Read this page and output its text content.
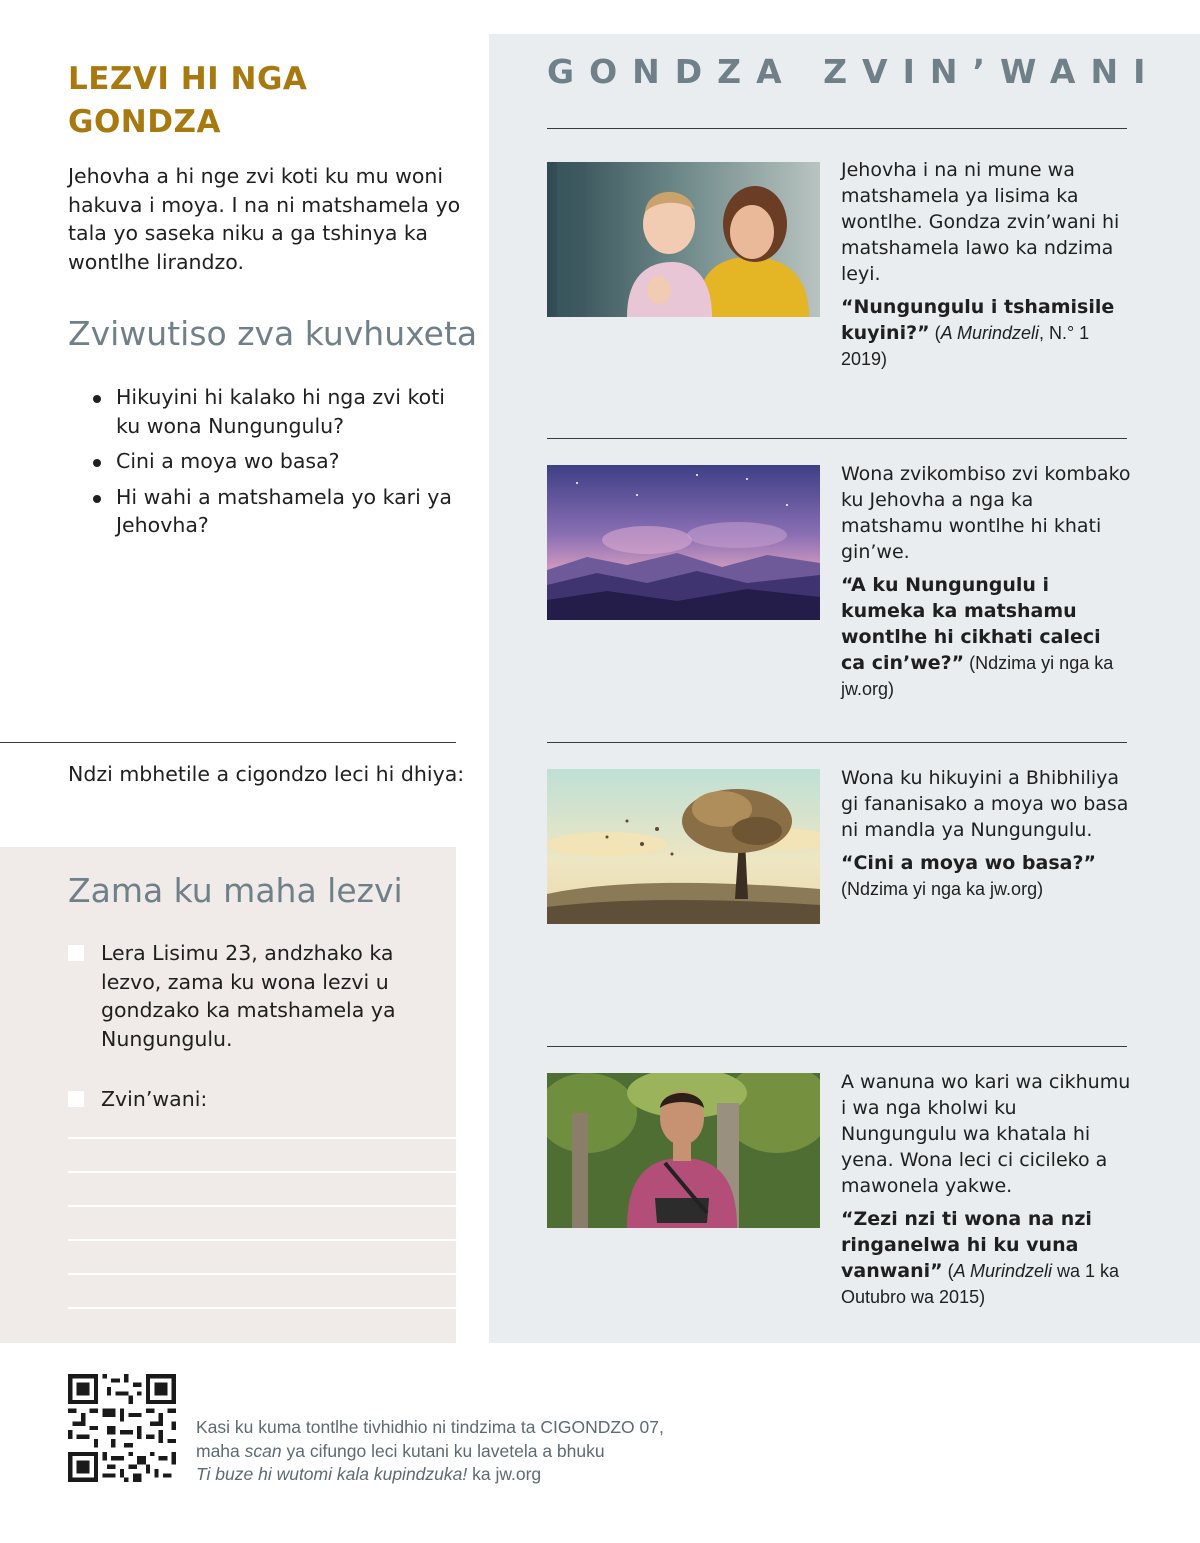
LEZVI HI NGA GONDZA

Jehovha a hi nge zvi koti ku mu woni hakuva i moya. I na ni matshamela yo tala yo saseka niku a ga tshinya ka wontlhe lirandzo.

Zviwutiso zva kuvhuxeta
Hikuyini hi kalako hi nga zvi koti ku wona Nungungulu?
Cini a moya wo basa?
Hi wahi a matshamela yo kari ya Jehovha?

Ndzi mbhetile a cigondzo leci hi dhiya:

Zama ku maha lezvi
Lera Lisimu 23, andzhako ka lezvo, zama ku wona lezvi u gondzako ka matshamela ya Nungungulu.
Zvin’wani:
GONDZA ZVIN’WANI
Jehovha i na ni mune wa matshamela ya lisima ka wontlhe. Gondza zvin’wani hi matshamela lawo ka ndzima leyi.
“Nungungulu i tshamisile kuyini?” (A Murindzeli, N.° 1 2019)
Wona zvikombiso zvi kombako ku Jehovha a nga ka matshamu wontlhe hi khati gin’we.
“A ku Nungungulu i kumeka ka matshamu wontlhe hi cikhati caleci ca cin’we?” (Ndzima yi nga ka jw.org)
Wona ku hikuyini a Bhibhiliya gi fananisako a moya wo basa ni mandla ya Nungungulu.
“Cini a moya wo basa?” (Ndzima yi nga ka jw.org)
A wanuna wo kari wa cikhumu i wa nga kholwi ku Nungungulu wa khatala hi yena. Wona leci ci cicileko a mawonela yakwe.
“Zezi nzi ti wona na nzi ringanelwa hi ku vuna vanwani” (A Murindzeli wa 1 ka Outubro wa 2015)
Kasi ku kuma tontlhe tivhidhio ni tindzima ta CIGONDZO 07,
maha scan ya cifungo leci kutani ku lavetela a bhuku
Ti buze hi wutomi kala kupindzuka! ka jw.org
